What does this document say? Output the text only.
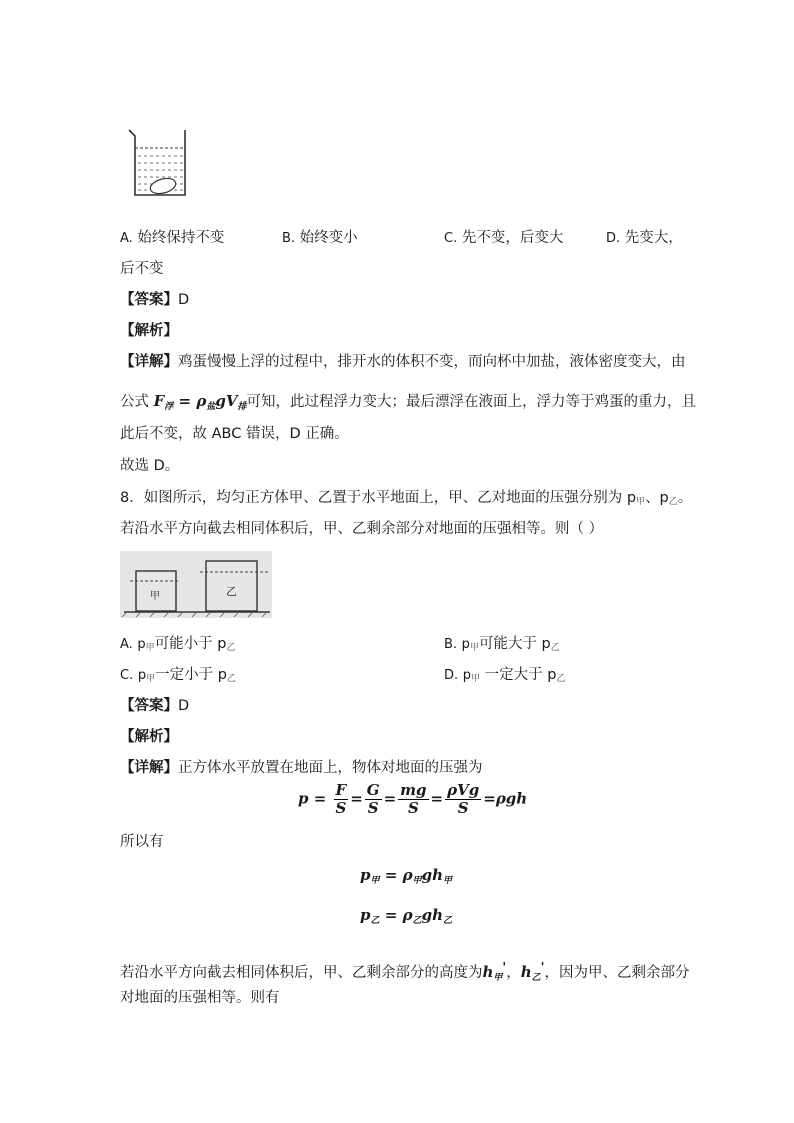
A. 始终保持不变	B. 始终变小	C. 先不变，后变大	D. 先变大，
后不变
【答案】D
【解析】
【详解】鸡蛋慢慢上浮的过程中，排开水的体积不变，而向杯中加盐，液体密度变大，由
公式 $F_浮 = \rho_盐gV_排$可知，此过程浮力变大；最后漂浮在液面上，浮力等于鸡蛋的重力，且
此后不变，故 ABC 错误，D 正确。
故选 D。
8．如图所示，均匀正方体甲、乙置于水平地面上，甲、乙对地面的压强分别为 $p_甲$、$p_乙$。
若沿水平方向截去相同体积后，甲、乙剩余部分对地面的压强相等。则（ ）
甲	乙
A. $p_甲$可能小于 $p_乙$	B. $p_甲$可能大于 $p_乙$
C. $p_甲$一定小于 $p_乙$	D. $p_甲$ 一定大于 $p_乙$
【答案】D
【解析】
【详解】正方体水平放置在地面上，物体对地面的压强为
$p = \frac{F}{S} = \frac{G}{S} = \frac{mg}{S} = \frac{\text{ρVg}}{S} =\rho gh$
所以有
$p_甲 = \rho_甲gh_甲$
$p_乙 = \rho_乙gh_乙$
若沿水平方向截去相同体积后，甲、乙剩余部分的高度为$h_甲'$，$h_乙'$，因为甲、乙剩余部分
对地面的压强相等。则有
